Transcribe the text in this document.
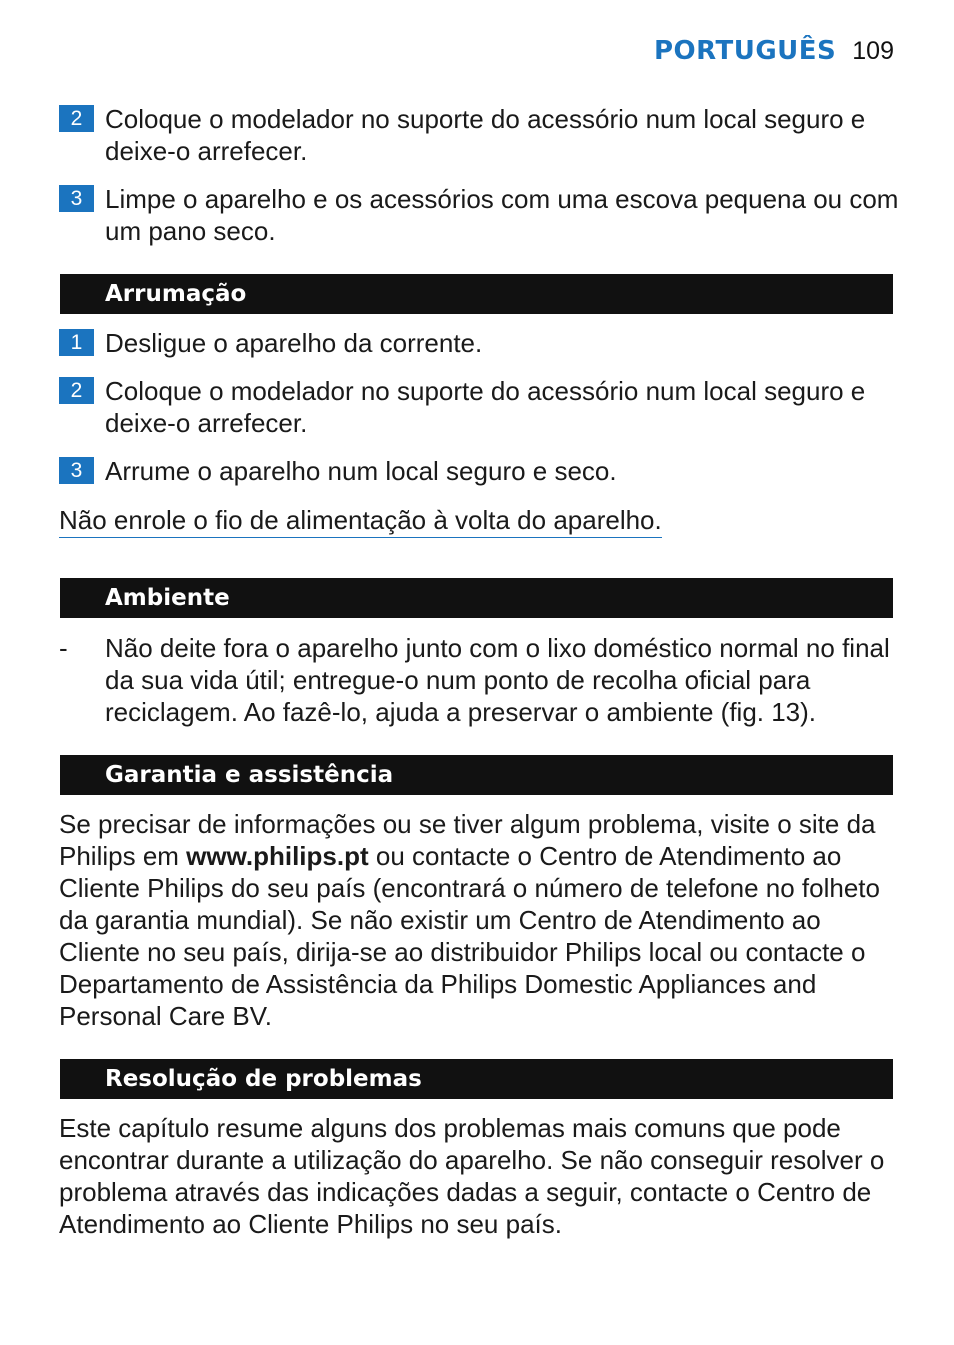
PORTUGUÊS 109
2 Coloque o modelador no suporte do acessório num local seguro e deixe-o arrefecer.
3 Limpe o aparelho e os acessórios com uma escova pequena ou com um pano seco.
Arrumação
1 Desligue o aparelho da corrente.
2 Coloque o modelador no suporte do acessório num local seguro e deixe-o arrefecer.
3 Arrume o aparelho num local seguro e seco.
Não enrole o fio de alimentação à volta do aparelho.
Ambiente
-	Não deite fora o aparelho junto com o lixo doméstico normal no final da sua vida útil; entregue-o num ponto de recolha oficial para reciclagem. Ao fazê-lo, ajuda a preservar o ambiente (fig. 13).
Garantia e assistência
Se precisar de informações ou se tiver algum problema, visite o site da Philips em www.philips.pt ou contacte o Centro de Atendimento ao Cliente Philips do seu país (encontrará o número de telefone no folheto da garantia mundial). Se não existir um Centro de Atendimento ao Cliente no seu país, dirija-se ao distribuidor Philips local ou contacte o Departamento de Assistência da Philips Domestic Appliances and Personal Care BV.
Resolução de problemas
Este capítulo resume alguns dos problemas mais comuns que pode encontrar durante a utilização do aparelho. Se não conseguir resolver o problema através das indicações dadas a seguir, contacte o Centro de Atendimento ao Cliente Philips no seu país.
